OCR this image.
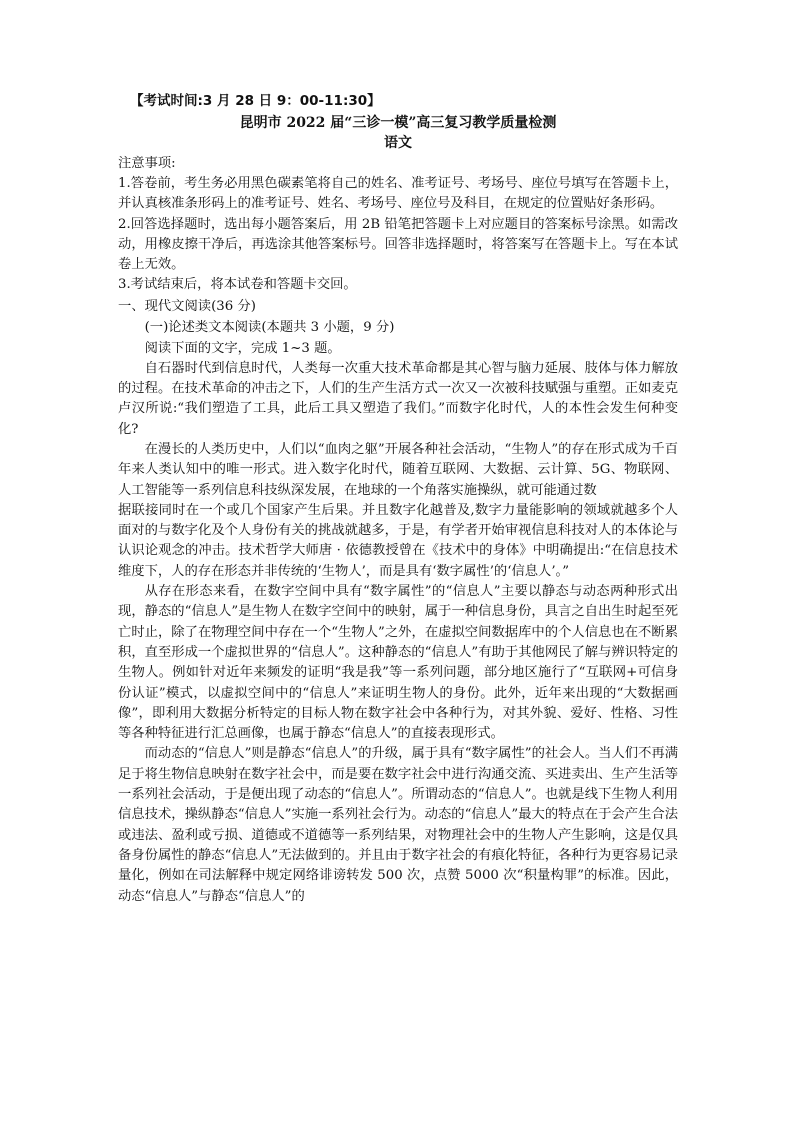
【考试时间:3 月 28 日 9：00-11:30】
昆明市 2022 届“三诊一模”高三复习教学质量检测
语文
注意事项:
1.答卷前，考生务必用黑色碳素笔将自己的姓名、准考证号、考场号、座位号填写在答题卡上，并认真核准条形码上的准考证号、姓名、考场号、座位号及科目，在规定的位置贴好条形码。
2.回答选择题时，选出每小题答案后，用 2B 铅笔把答题卡上对应题目的答案标号涂黑。如需改动，用橡皮擦干净后，再选涂其他答案标号。回答非选择题时，将答案写在答题卡上。写在本试卷上无效。
3.考试结束后，将本试卷和答题卡交回。
一、现代文阅读(36 分)
(一)论述类文本阅读(本题共 3 小题，9 分)
阅读下面的文字，完成 1~3 题。
自石器时代到信息时代，人类每一次重大技术革命都是其心智与脑力延展、肢体与体力解放的过程。在技术革命的冲击之下，人们的生产生活方式一次又一次被科技赋强与重塑。正如麦克卢汉所说:“我们塑造了工具，此后工具又塑造了我们。”而数字化时代，人的本性会发生何种变化?
在漫长的人类历史中，人们以“血肉之躯”开展各种社会活动，“生物人”的存在形式成为千百年来人类认知中的唯一形式。进入数字化时代，随着互联网、大数据、云计算、5G、物联网、人工智能等一系列信息科技纵深发展，在地球的一个角落实施操纵，就可能通过数
据联接同时在一个或几个国家产生后果。并且数字化越普及,数字力量能影响的领域就越多个人面对的与数字化及个人身份有关的挑战就越多，于是，有学者开始审视信息科技对人的本体论与认识论观念的冲击。技术哲学大师唐 · 依德教授曾在《技术中的身体》中明确提出:“在信息技术维度下，人的存在形态并非传统的‘生物人’，而是具有‘数字属性’的‘信息人’。”
从存在形态来看，在数字空间中具有“数字属性”的“信息人”主要以静态与动态两种形式出现，静态的“信息人”是生物人在数字空间中的映射，属于一种信息身份，具言之自出生时起至死亡时止，除了在物理空间中存在一个“生物人”之外，在虚拟空间数据库中的个人信息也在不断累积，直至形成一个虚拟世界的“信息人”。这种静态的“信息人”有助于其他网民了解与辨识特定的生物人。例如针对近年来频发的证明“我是我”等一系列问题，部分地区施行了“互联网+可信身份认证”模式，以虚拟空间中的“信息人”来证明生物人的身份。此外，近年来出现的“大数据画像”，即利用大数据分析特定的目标人物在数字社会中各种行为，对其外貌、爱好、性格、习性等各种特征进行汇总画像，也属于静态“信息人”的直接表现形式。
而动态的“信息人”则是静态“信息人”的升级，属于具有“数字属性”的社会人。当人们不再满足于将生物信息映射在数字社会中，而是要在数字社会中进行沟通交流、买进卖出、生产生活等一系列社会活动，于是便出现了动态的“信息人”。所谓动态的“信息人”。也就是线下生物人利用信息技术，操纵静态“信息人”实施一系列社会行为。动态的“信息人”最大的特点在于会产生合法或违法、盈利或亏损、道德或不道德等一系列结果，对物理社会中的生物人产生影响，这是仅具备身份属性的静态“信息人”无法做到的。并且由于数字社会的有痕化特征，各种行为更容易记录量化，例如在司法解释中规定网络诽谤转发 500 次，点赞 5000 次“积量构罪”的标准。因此，动态“信息人”与静态“信息人”的
